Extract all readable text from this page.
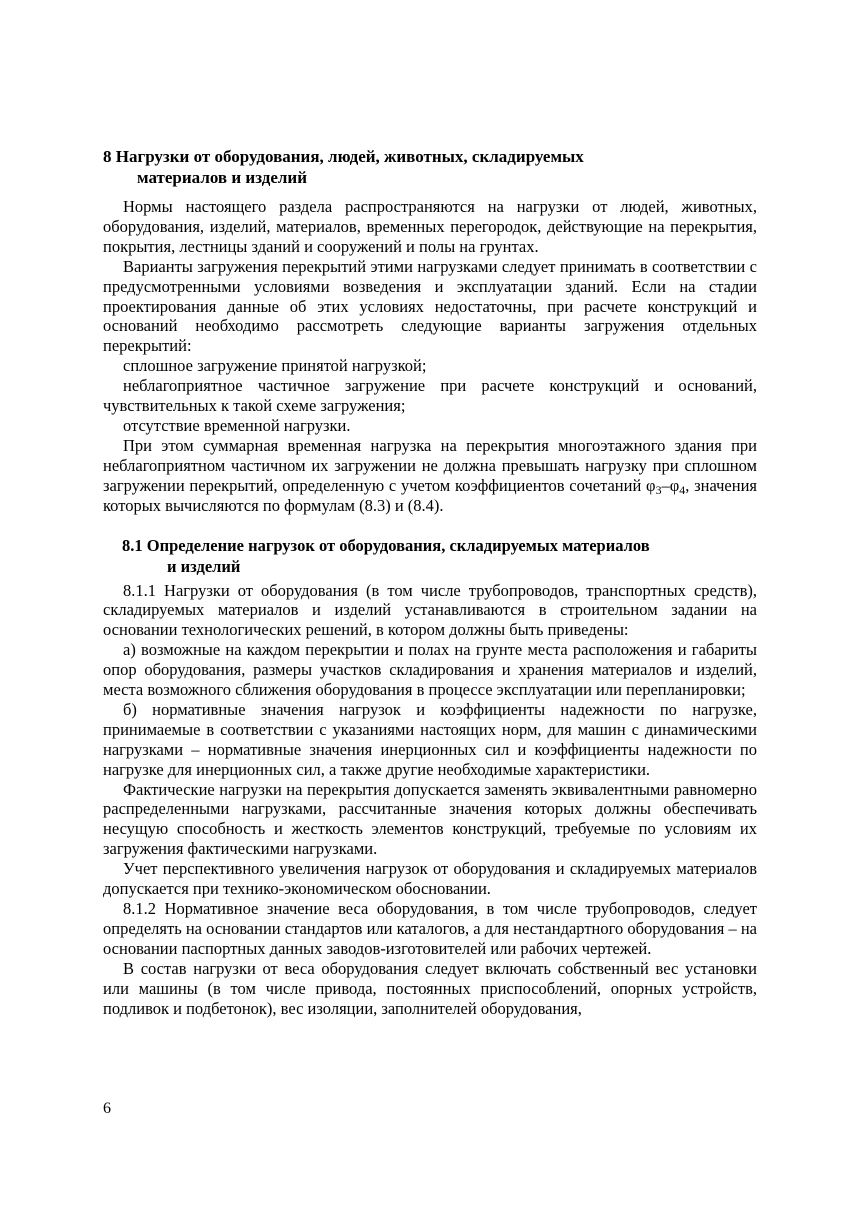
8 Нагрузки от оборудования, людей, животных, складируемых
материалов и изделий

Нормы настоящего раздела распространяются на нагрузки от людей, животных, оборудования, изделий, материалов, временных перегородок, действующие на перекрытия, покрытия, лестницы зданий и сооружений и полы на грунтах.

Варианты загружения перекрытий этими нагрузками следует принимать в соответствии с предусмотренными условиями возведения и эксплуатации зданий. Если на стадии проектирования данные об этих условиях недостаточны, при расчете конструкций и оснований необходимо рассмотреть следующие варианты загружения отдельных перекрытий:

сплошное загружение принятой нагрузкой;

неблагоприятное частичное загружение при расчете конструкций и оснований, чувствительных к такой схеме загружения;

отсутствие временной нагрузки.

При этом суммарная временная нагрузка на перекрытия многоэтажного здания при неблагоприятном частичном их загружении не должна превышать нагрузку при сплошном загружении перекрытий, определенную с учетом коэффициентов сочетаний $\varphi_3-\varphi_4$, значения которых вычисляются по формулам (8.3) и (8.4).

8.1 Определение нагрузок от оборудования, складируемых материалов
и изделий

8.1.1 Нагрузки от оборудования (в том числе трубопроводов, транспортных средств), складируемых материалов и изделий устанавливаются в строительном задании на основании технологических решений, в котором должны быть приведены:

а) возможные на каждом перекрытии и полах на грунте места расположения и габариты опор оборудования, размеры участков складирования и хранения материалов и изделий, места возможного сближения оборудования в процессе эксплуатации или перепланировки;

б) нормативные значения нагрузок и коэффициенты надежности по нагрузке, принимаемые в соответствии с указаниями настоящих норм, для машин с динамическими нагрузками – нормативные значения инерционных сил и коэффициенты надежности по нагрузке для инерционных сил, а также другие необходимые характеристики.

Фактические нагрузки на перекрытия допускается заменять эквивалентными равномерно распределенными нагрузками, рассчитанные значения которых должны обеспечивать несущую способность и жесткость элементов конструкций, требуемые по условиям их загружения фактическими нагрузками.

Учет перспективного увеличения нагрузок от оборудования и складируемых материалов допускается при технико-экономическом обосновании.

8.1.2 Нормативное значение веса оборудования, в том числе трубопроводов, следует определять на основании стандартов или каталогов, а для нестандартного оборудования – на основании паспортных данных заводов-изготовителей или рабочих чертежей.

В состав нагрузки от веса оборудования следует включать собственный вес установки или машины (в том числе привода, постоянных приспособлений, опорных устройств, подливок и подбетонок), вес изоляции, заполнителей оборудования,

6
